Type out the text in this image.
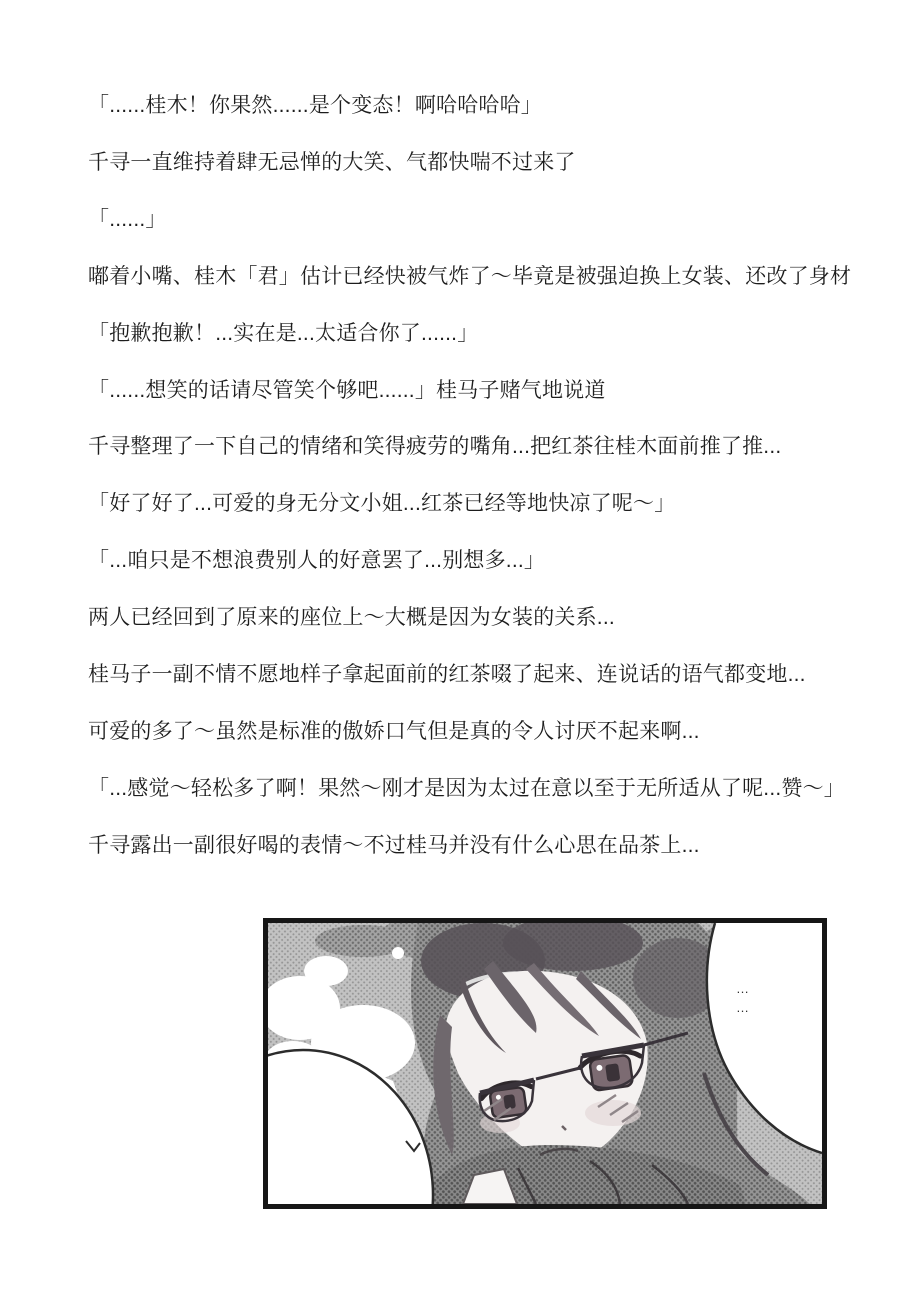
「......桂木！你果然......是个变态！啊哈哈哈哈」

千寻一直维持着肆无忌惮的大笑、气都快喘不过来了

「......」

嘟着小嘴、桂木「君」估计已经快被气炸了～毕竟是被强迫换上女装、还改了身材

「抱歉抱歉！...实在是...太适合你了......」

「......想笑的话请尽管笑个够吧......」桂马子赌气地说道

千寻整理了一下自己的情绪和笑得疲劳的嘴角...把红茶往桂木面前推了推...

「好了好了...可爱的身无分文小姐...红茶已经等地快凉了呢～」

「...咱只是不想浪费别人的好意罢了...别想多...」

两人已经回到了原来的座位上～大概是因为女装的关系...

桂马子一副不情不愿地样子拿起面前的红茶啜了起来、连说话的语气都变地...

可爱的多了～虽然是标准的傲娇口气但是真的令人讨厌不起来啊...

「...感觉～轻松多了啊！果然～刚才是因为太过在意以至于无所适从了呢...赞～」

千寻露出一副很好喝的表情～不过桂马并没有什么心思在品茶上...

……
